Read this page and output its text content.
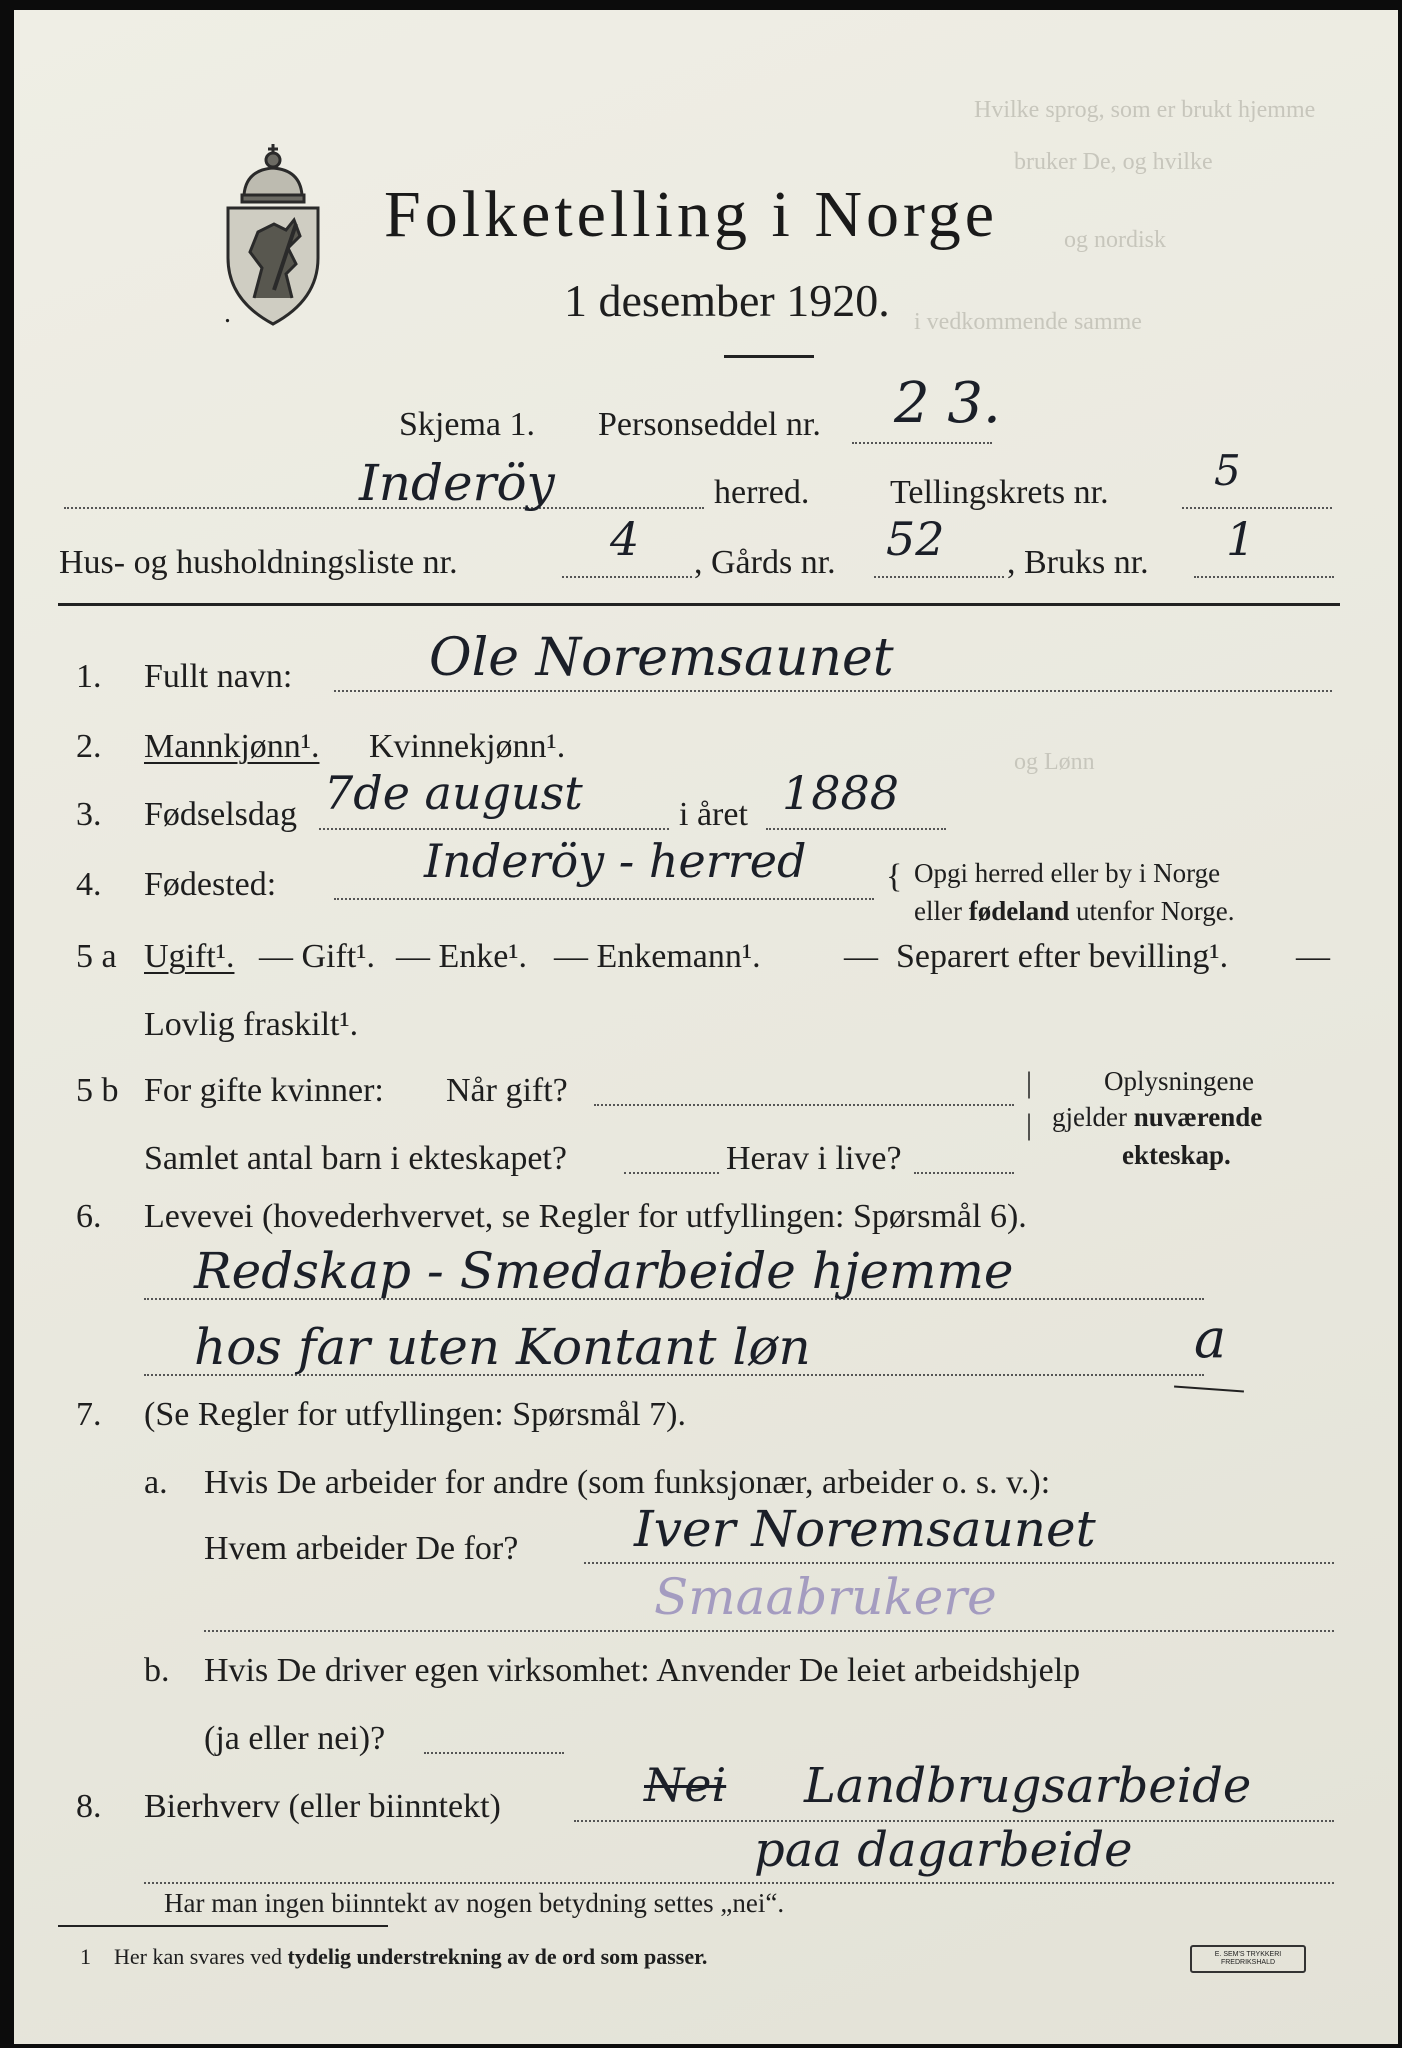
Hvilke sprog, som er brukt hjemme
bruker De, og hvilke
og nordisk
i vedkommende samme
og Lønn
Folketelling i Norge
1 desember 1920.
.
Skjema 1. Personseddel nr. 2 3.
Inderöy	herred. Tellingskrets nr.	5
Hus- og husholdningsliste nr.	4 , Gårds nr. 52 , Bruks nr. 1
1. Fullt navn:	Ole Noremsaunet
2. Mannkjønn¹. Kvinnekjønn¹.
3. Fødselsdag 7de august	i året 1888
4. Fødested:	Inderöy - herred { Opgi herred eller by i Norge
eller fødeland utenfor Norge.
5 a Ugift¹. — Gift¹. — Enke¹. — Enkemann¹. — Separert efter bevilling¹. —
Lovlig fraskilt¹.
5 b For gifte kvinner: Når gift?
Samlet antal barn i ekteskapet?	Herav i live?
|
|
Oplysningene
gjelder nuværende
ekteskap.
6. Levevei (hovederhvervet, se Regler for utfyllingen: Spørsmål 6).
Redskap - Smedarbeide hjemme
hos far uten Kontant løn	a
7. (Se Regler for utfyllingen: Spørsmål 7).
a. Hvis De arbeider for andre (som funksjonær, arbeider o. s. v.):
Hvem arbeider De for? Iver Noremsaunet
Smaabrukere
b. Hvis De driver egen virksomhet: Anvender De leiet arbeidshjelp
(ja eller nei)?
8. Bierhverv (eller biinntekt)	Nei Landbrugsarbeide
paa dagarbeide
Har man ingen biinntekt av nogen betydning settes „nei“.
1 Her kan svares ved tydelig understrekning av de ord som passer.	E. SEM'S TRYKKERI FREDRIKSHALD
